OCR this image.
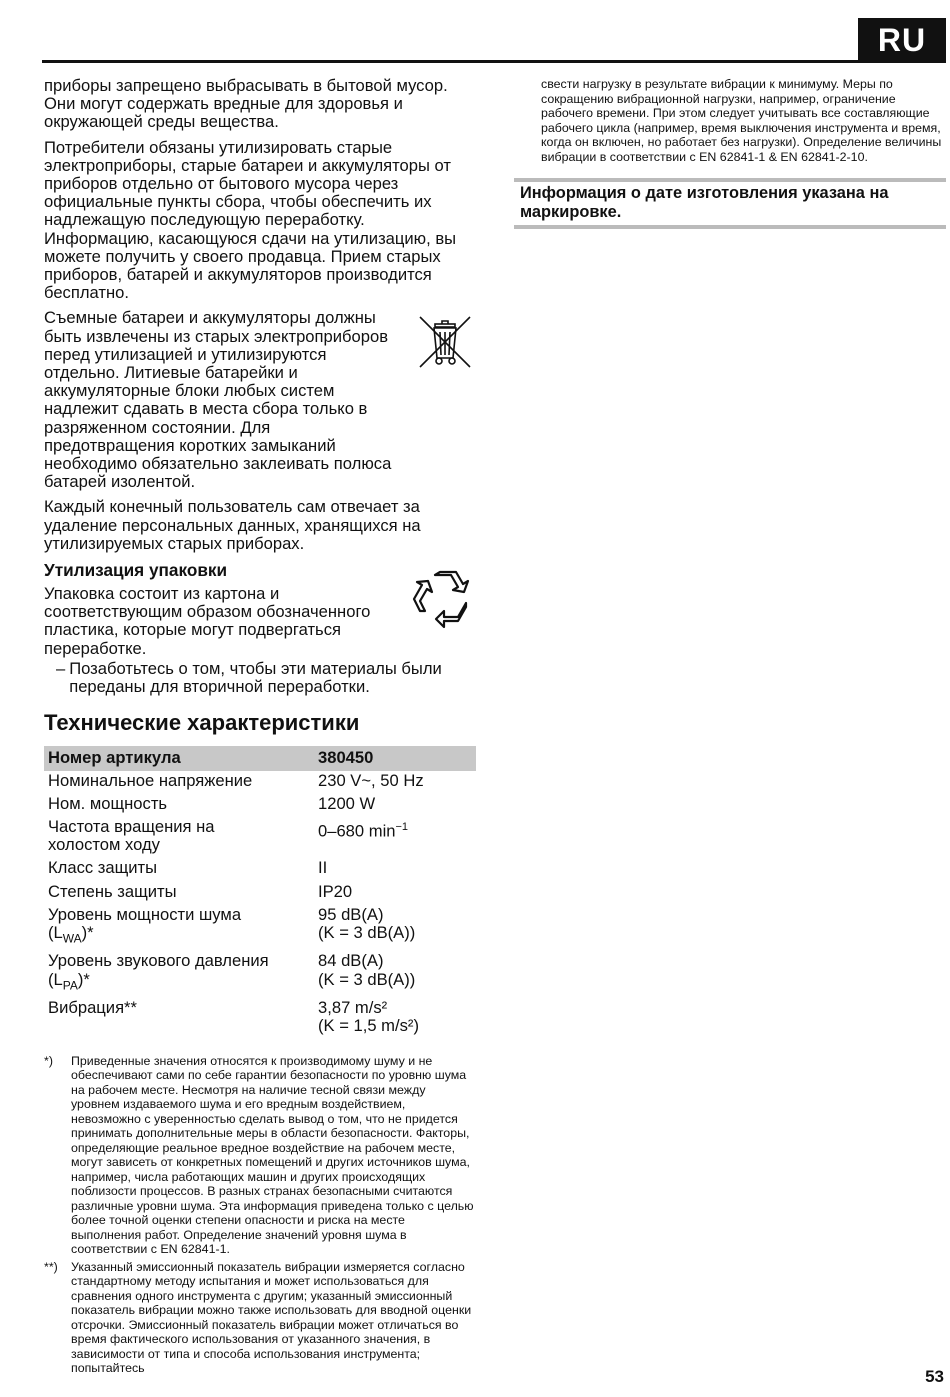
RU

приборы запрещено выбрасывать в бытовой мусор. Они могут содержать вредные для здоровья и окружающей среды вещества.

Потребители обязаны утилизировать старые электроприборы, старые батареи и аккумуляторы от приборов отдельно от бытового мусора через официальные пункты сбора, чтобы обеспечить их надлежащую последующую переработку. Информацию, касающуюся сдачи на утилизацию, вы можете получить у своего продавца. Прием старых приборов, батарей и аккумуляторов производится бесплатно.

Съемные батареи и аккумуляторы должны быть извлечены из старых электроприборов перед утилизацией и утилизируются отдельно. Литиевые батарейки и аккумуляторные блоки любых систем надлежит сдавать в места сбора только в разряженном состоянии. Для предотвращения коротких замыканий необходимо обязательно заклеивать полюса батарей изолентой.

Каждый конечный пользователь сам отвечает за удаление персональных данных, хранящихся на утилизируемых старых приборах.

Утилизация упаковки

Упаковка состоит из картона и соответствующим образом обозначенного пластика, которые могут подвергаться переработке.

– Позаботьтесь о том, чтобы эти материалы были переданы для вторичной переработки.
Технические характеристики
Номер артикула	380450
Номинальное напряжение	230 V~, 50 Hz
Ном. мощность	1200 W

Частота вращения на холостом ходу	0–680 $\min^{-1}$
Класс защиты	II
Степень защиты	IP20

Уровень мощности шума
$(L_{WA})*$	95 dB(A)
(K = 3 dB(A))

Уровень звукового давления
$(L_{PA})*$	84 dB(A)
(K = 3 dB(A))

Вибрация**	3,87 m/s²
(K = 1,5 m/s²)
*)	Приведенные значения относятся к производимому шуму и не обеспечивают сами по себе гарантии безопасности по уровню шума на рабочем месте. Несмотря на наличие тесной связи между уровнем издаваемого шума и его вредным воздействием, невозможно с уверенностью сделать вывод о том, что не придется принимать дополнительные меры в области безопасности. Факторы, определяющие реальное вредное воздействие на рабочем месте, могут зависеть от конкретных помещений и других источников шума, например, числа работающих машин и других происходящих поблизости процессов. В разных странах безопасными считаются различные уровни шума. Эта информация приведена только с целью более точной оценки степени опасности и риска на месте выполнения работ. Определение значений уровня шума в соответствии с EN 62841-1.
**)	Указанный эмиссионный показатель вибрации измеряется согласно стандартному методу испытания и может использоваться для сравнения одного инструмента с другим; указанный эмиссионный показатель вибрации можно также использовать для вводной оценки отсрочки. Эмиссионный показатель вибрации может отличаться во время фактического использования от указанного значения, в зависимости от типа и способа использования инструмента; попытайтесь

свести нагрузку в результате вибрации к минимуму. Меры по сокращению вибрационной нагрузки, например, ограничение рабочего времени. При этом следует учитывать все составляющие рабочего цикла (например, время выключения инструмента и время, когда он включен, но работает без нагрузки). Определение величины вибрации в соответствии с EN 62841-1 & EN 62841-2-10.

Информация о дате изготовления указана на маркировке.
53
